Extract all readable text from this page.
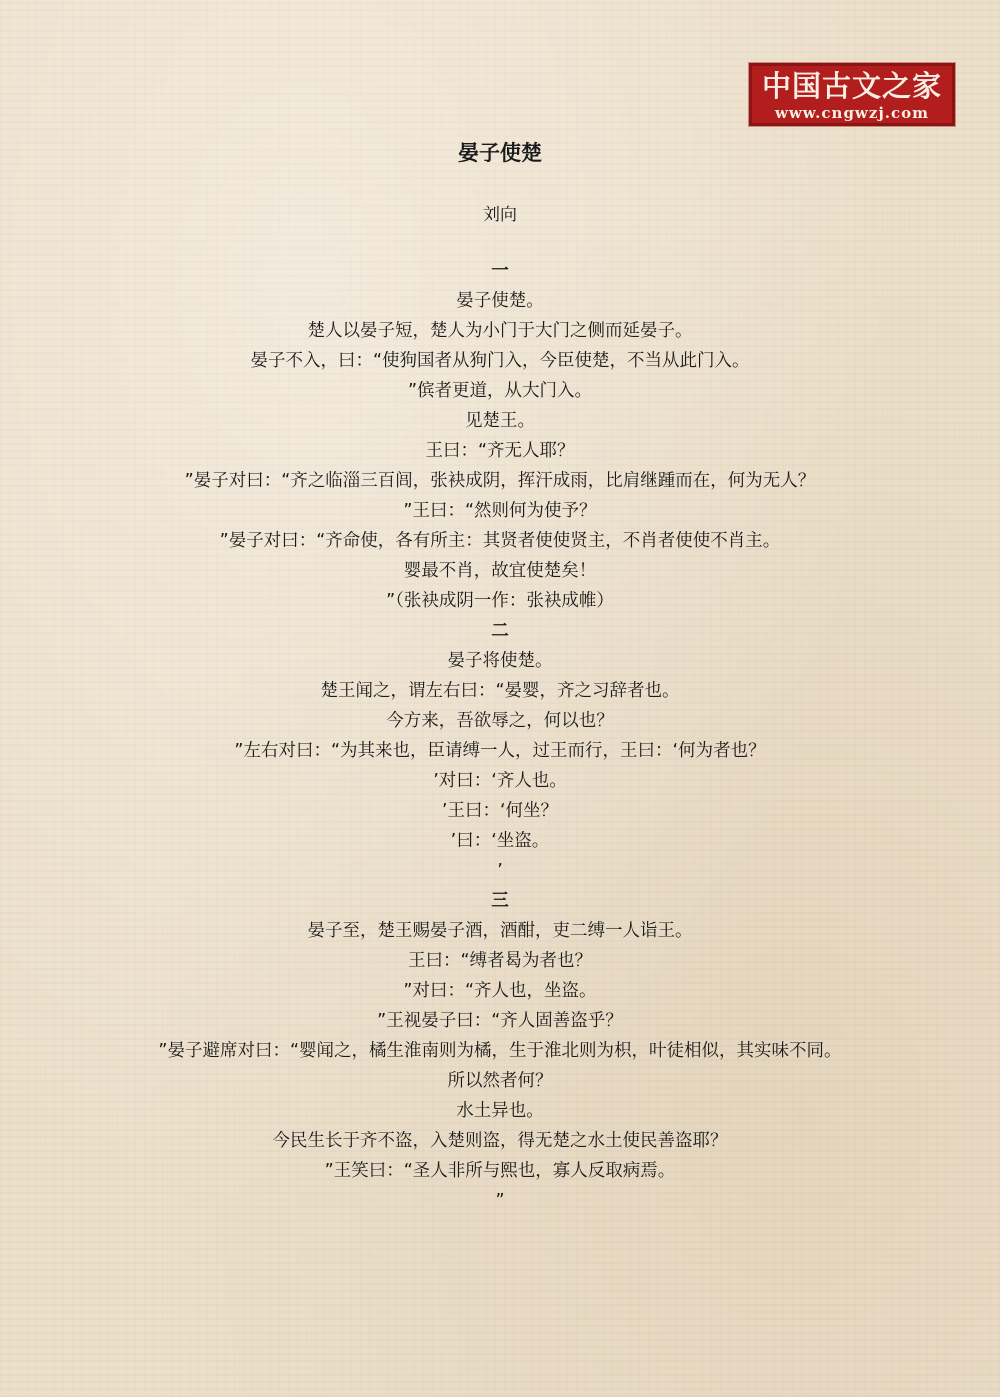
中国古文之家
www.cngwzj.com
晏子使楚
刘向
一
晏子使楚。
楚人以晏子短，楚人为小门于大门之侧而延晏子。
晏子不入，曰：“使狗国者从狗门入，今臣使楚，不当从此门入。
”傧者更道，从大门入。
见楚王。
王曰：“齐无人耶？
”晏子对曰：“齐之临淄三百闾，张袂成阴，挥汗成雨，比肩继踵而在，何为无人？
”王曰：“然则何为使予？
”晏子对曰：“齐命使，各有所主：其贤者使使贤主，不肖者使使不肖主。
婴最不肖，故宜使楚矣！
”（张袂成阴一作：张袂成帷）
二
晏子将使楚。
楚王闻之，谓左右曰：“晏婴，齐之习辞者也。
今方来，吾欲辱之，何以也？
”左右对曰：“为其来也，臣请缚一人，过王而行，王曰：‘何为者也？
’对曰：‘齐人也。
’王曰：‘何坐？
’曰：‘坐盗。
’
三
晏子至，楚王赐晏子酒，酒酣，吏二缚一人诣王。
王曰：“缚者曷为者也？
”对曰：“齐人也，坐盗。
”王视晏子曰：“齐人固善盗乎？
”晏子避席对曰：“婴闻之，橘生淮南则为橘，生于淮北则为枳，叶徒相似，其实味不同。
所以然者何？
水土异也。
今民生长于齐不盗，入楚则盗，得无楚之水土使民善盗耶？
”王笑曰：“圣人非所与熙也，寡人反取病焉。
”
